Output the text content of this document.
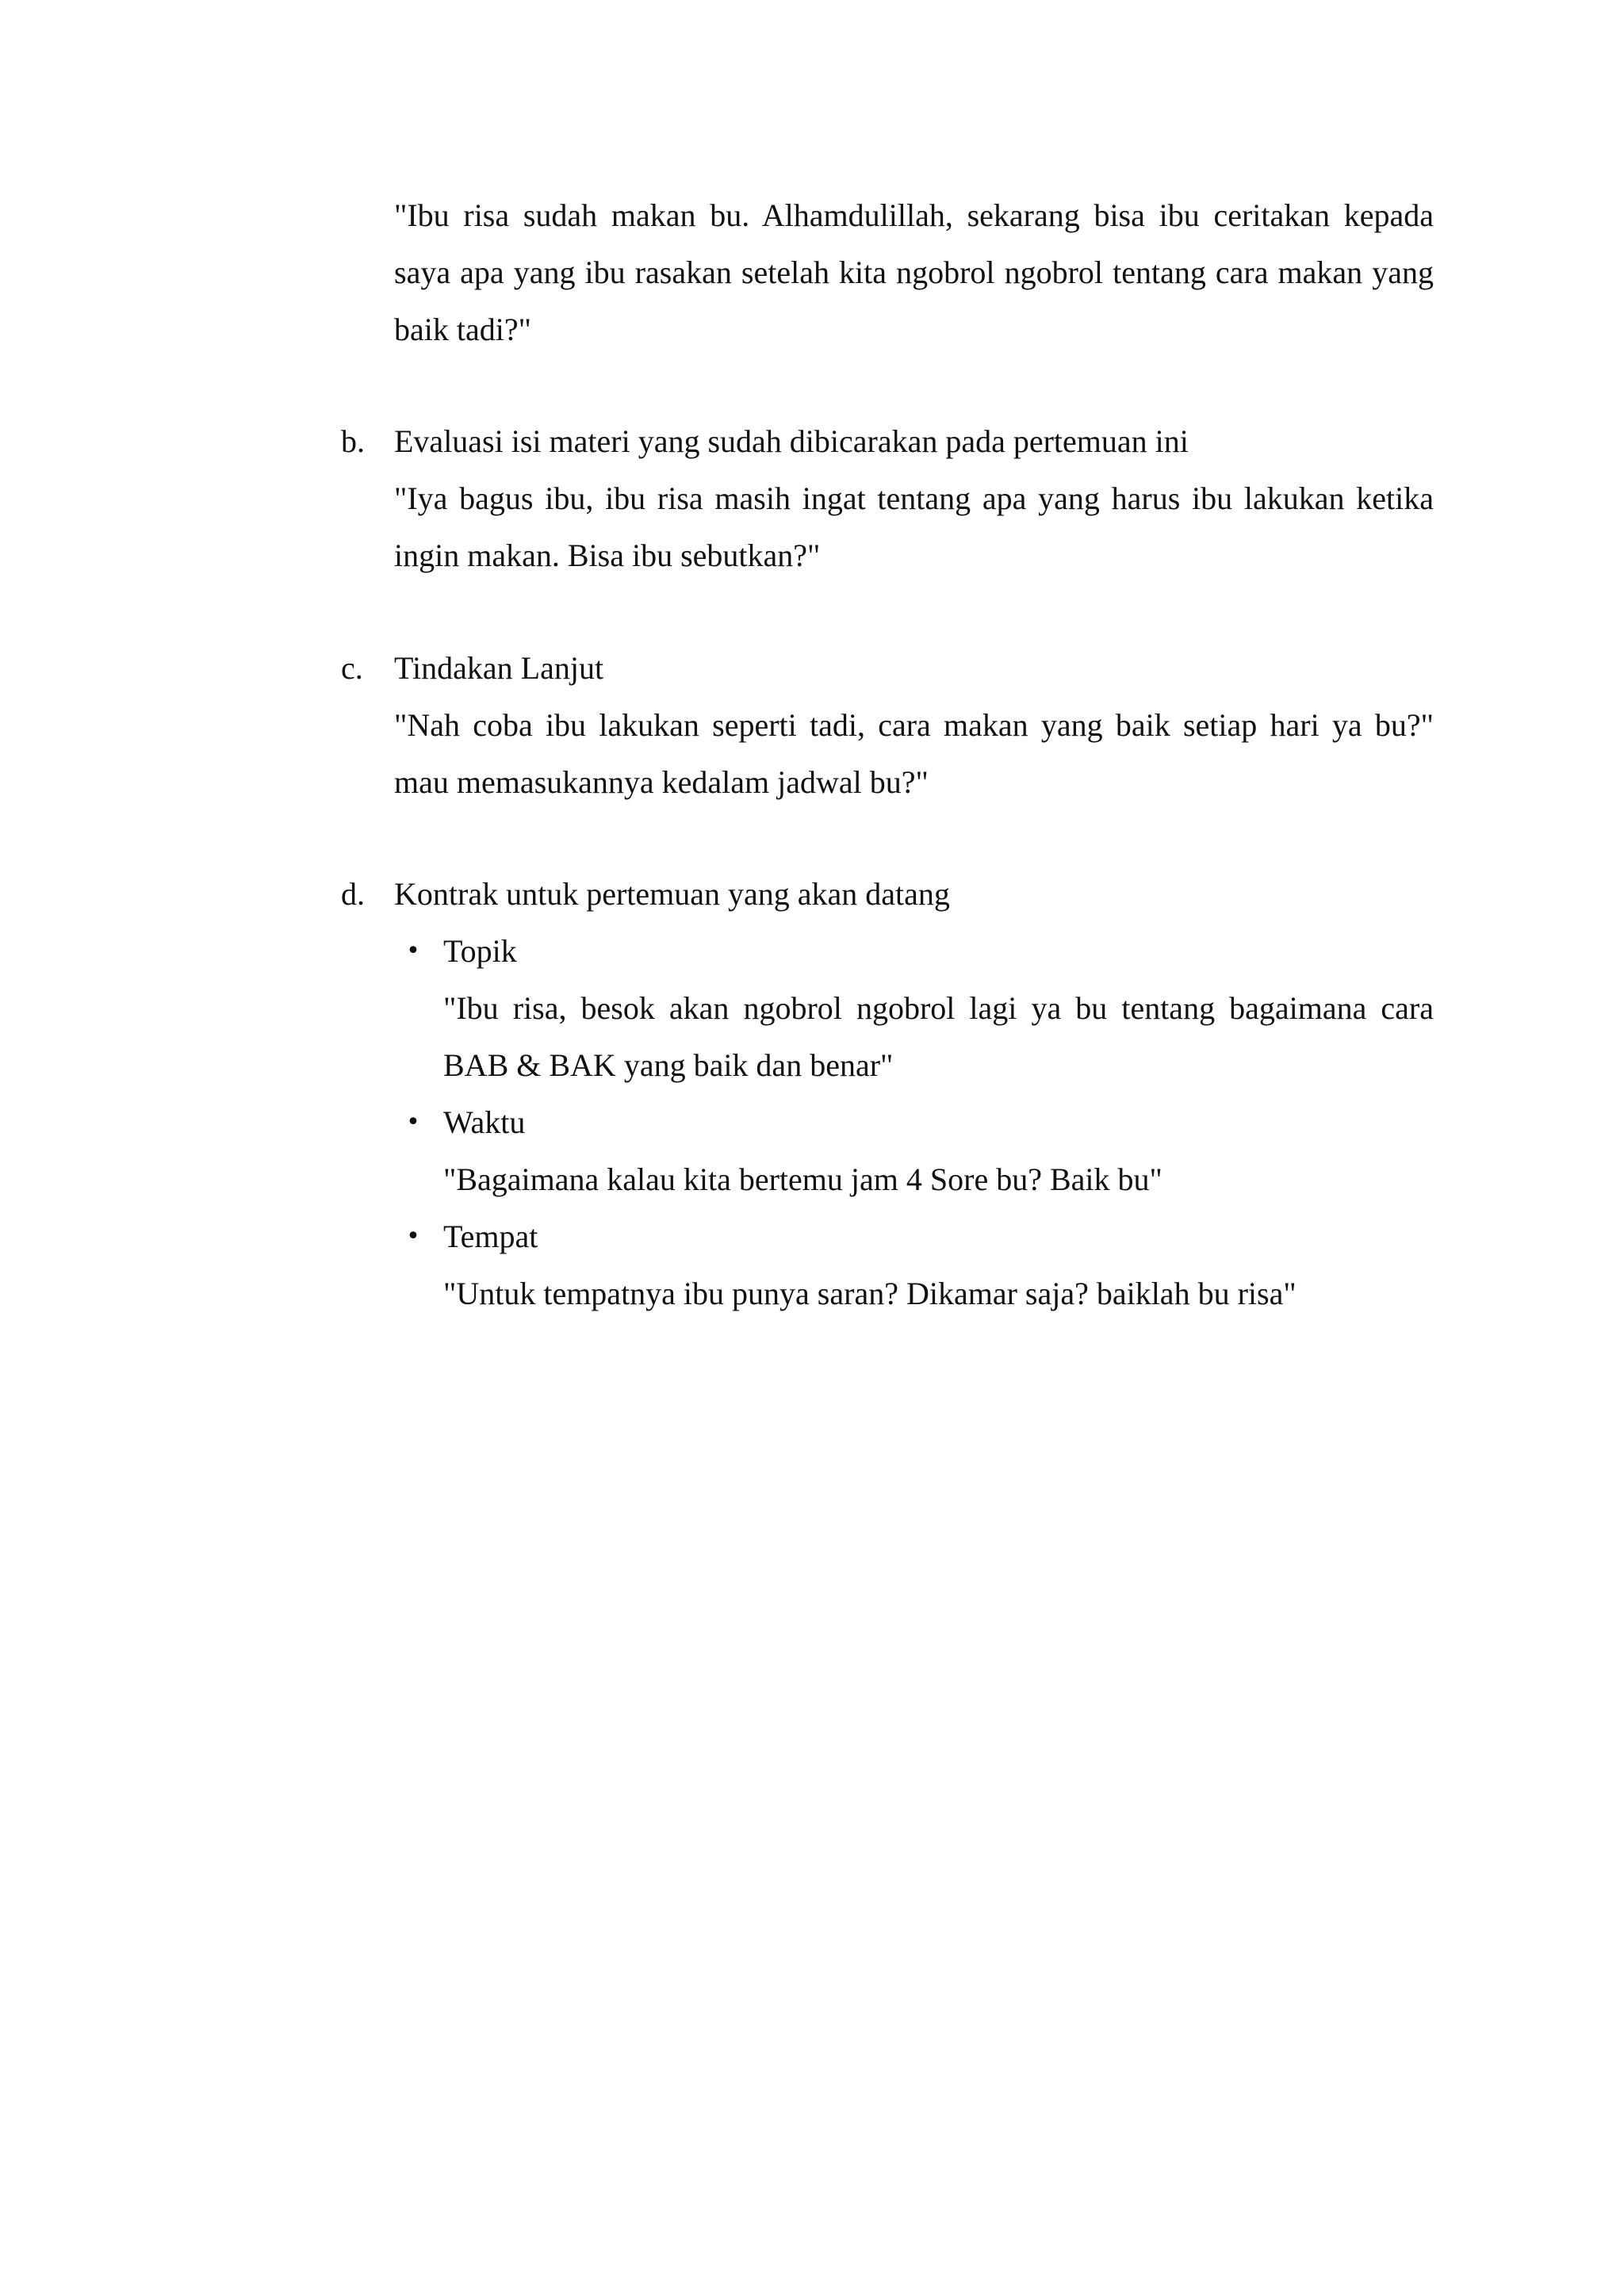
"Ibu risa sudah makan bu. Alhamdulillah, sekarang bisa ibu ceritakan kepada
saya apa yang ibu rasakan setelah kita ngobrol ngobrol tentang cara makan yang
baik tadi?"
b. Evaluasi isi materi yang sudah dibicarakan pada pertemuan ini
"Iya bagus ibu, ibu risa masih ingat tentang apa yang harus ibu lakukan ketika
ingin makan. Bisa ibu sebutkan?"
c. Tindakan Lanjut
"Nah coba ibu lakukan seperti tadi, cara makan yang baik setiap hari ya bu?"
mau memasukannya kedalam jadwal bu?"
d. Kontrak untuk pertemuan yang akan datang
• Topik
"Ibu risa, besok akan ngobrol ngobrol lagi ya bu tentang bagaimana cara
BAB & BAK yang baik dan benar"
• Waktu
"Bagaimana kalau kita bertemu jam 4 Sore bu? Baik bu"
• Tempat
"Untuk tempatnya ibu punya saran? Dikamar saja? baiklah bu risa"
